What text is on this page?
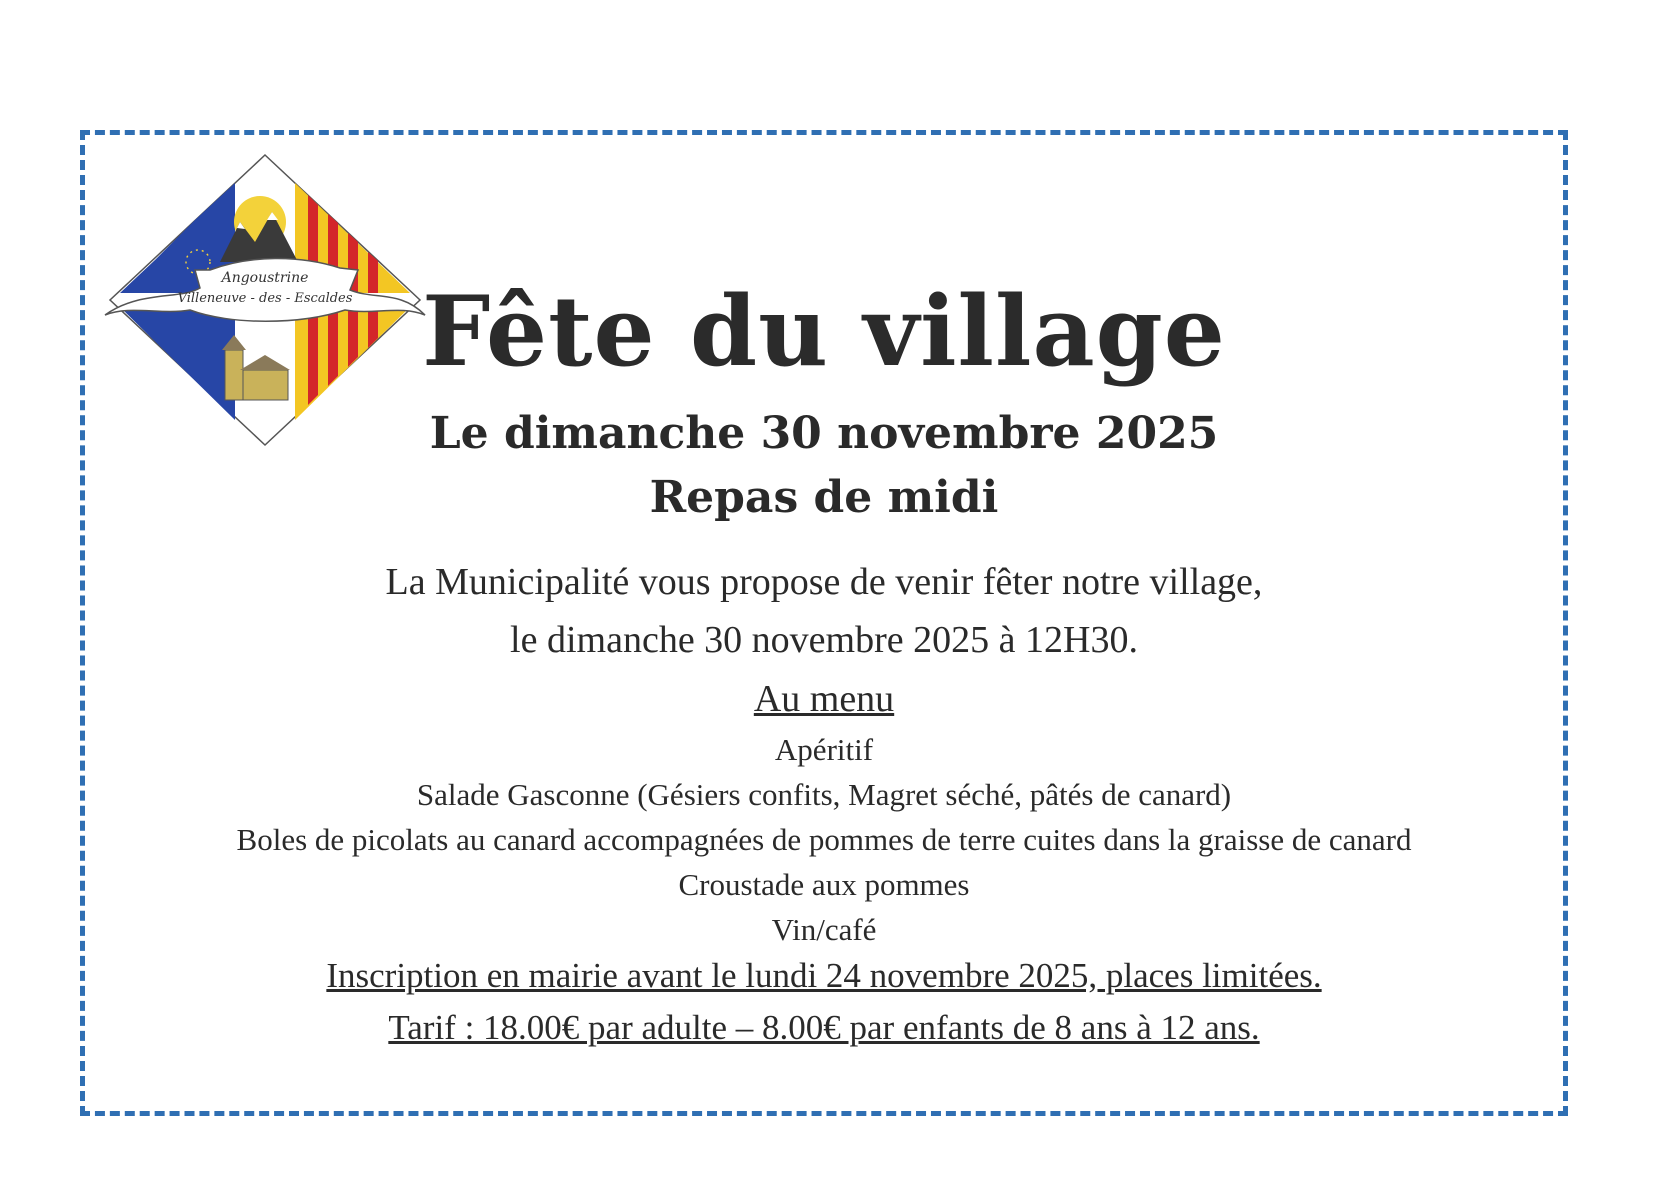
Angoustrine
Villeneuve - des - Escaldes Fête du village
Le dimanche 30 novembre 2025
Repas de midi
La Municipalité vous propose de venir fêter notre village,
le dimanche 30 novembre 2025 à 12H30.
Au menu
Apéritif
Salade Gasconne (Gésiers confits, Magret séché, pâtés de canard)
Boles de picolats au canard accompagnées de pommes de terre cuites dans la graisse de canard
Croustade aux pommes
Vin/café
Inscription en mairie avant le lundi 24 novembre 2025, places limitées.
Tarif : 18.00€ par adulte – 8.00€ par enfants de 8 ans à 12 ans.
